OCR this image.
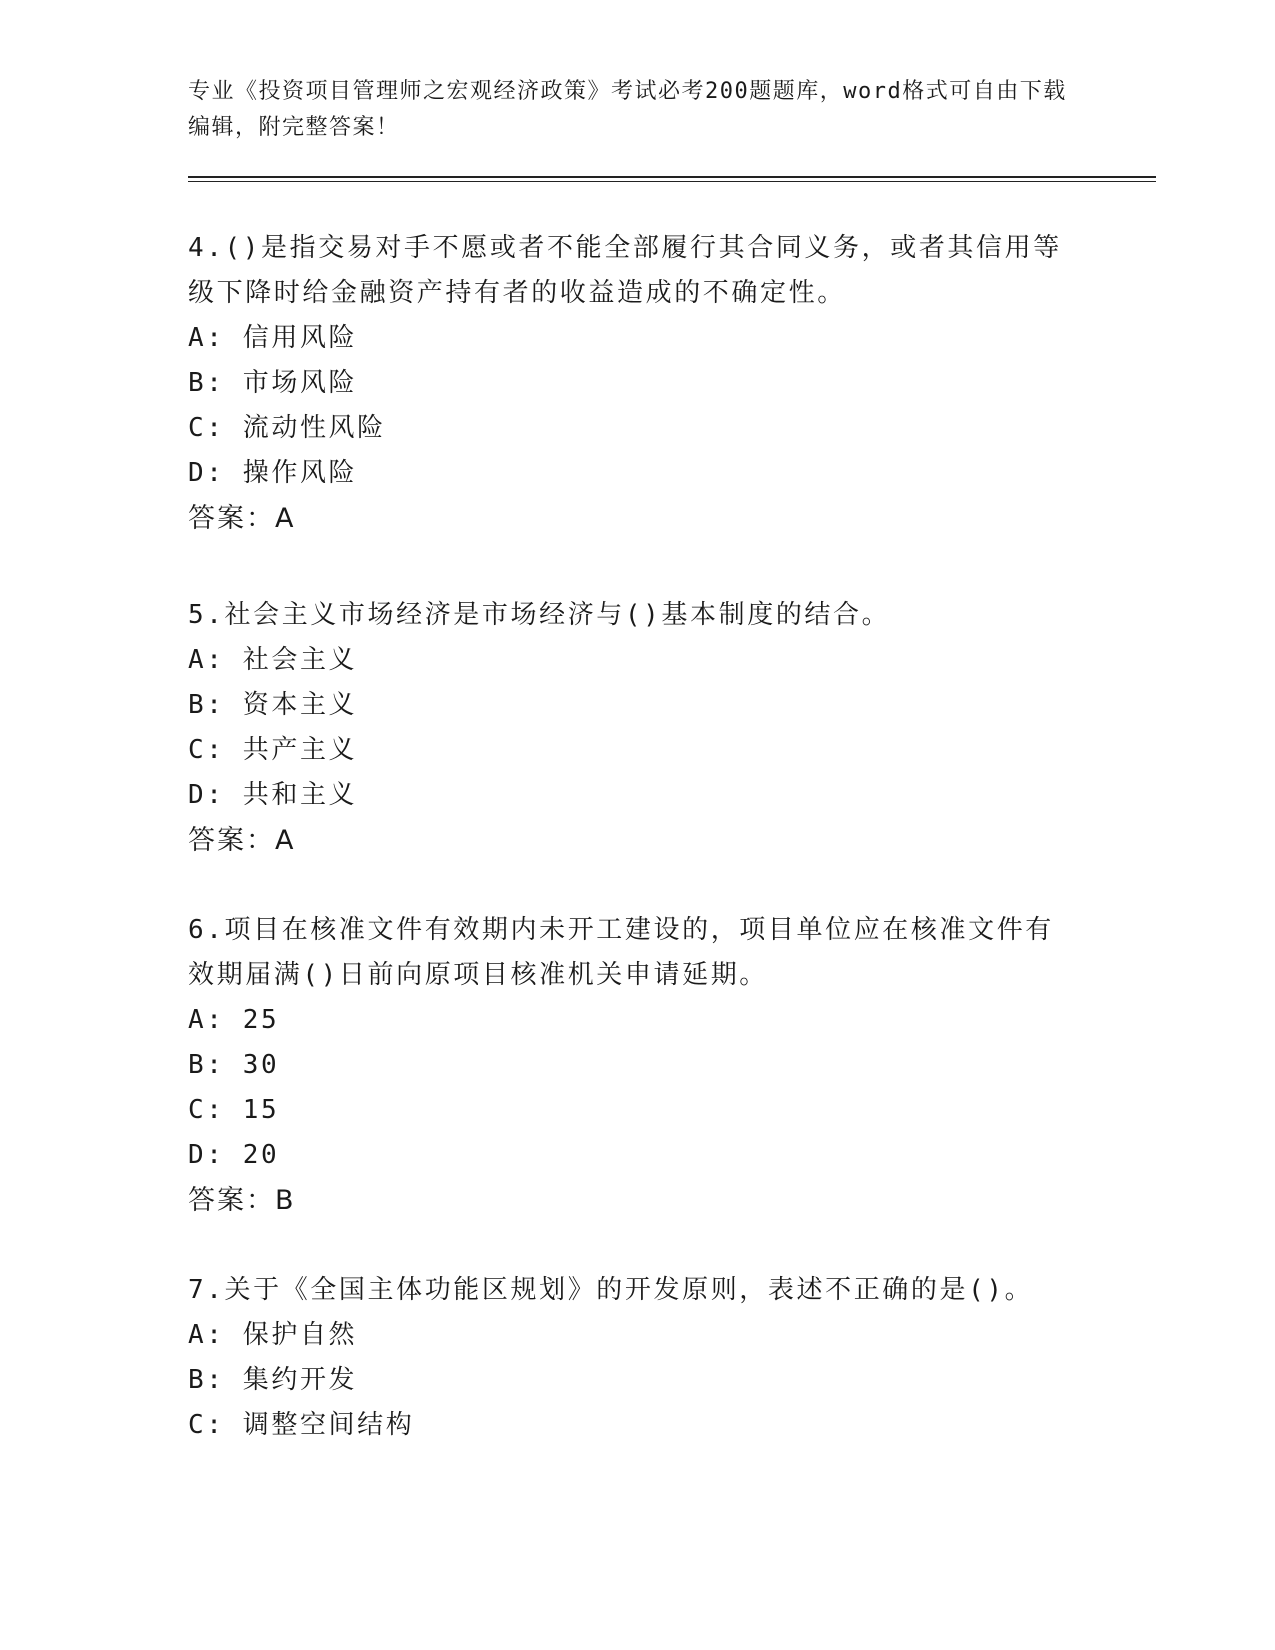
专业《投资项目管理师之宏观经济政策》考试必考200题题库，word格式可自由下载编辑，附完整答案！

4.()是指交易对手不愿或者不能全部履行其合同义务，或者其信用等级下降时给金融资产持有者的收益造成的不确定性。

A: 信用风险

B: 市场风险

C: 流动性风险

D: 操作风险

答案：A

5.社会主义市场经济是市场经济与()基本制度的结合。

A: 社会主义

B: 资本主义

C: 共产主义

D: 共和主义

答案：A

6.项目在核准文件有效期内未开工建设的，项目单位应在核准文件有效期届满()日前向原项目核准机关申请延期。

A: 25

B: 30

C: 15

D: 20

答案：B

7.关于《全国主体功能区规划》的开发原则，表述不正确的是()。

A: 保护自然

B: 集约开发

C: 调整空间结构
